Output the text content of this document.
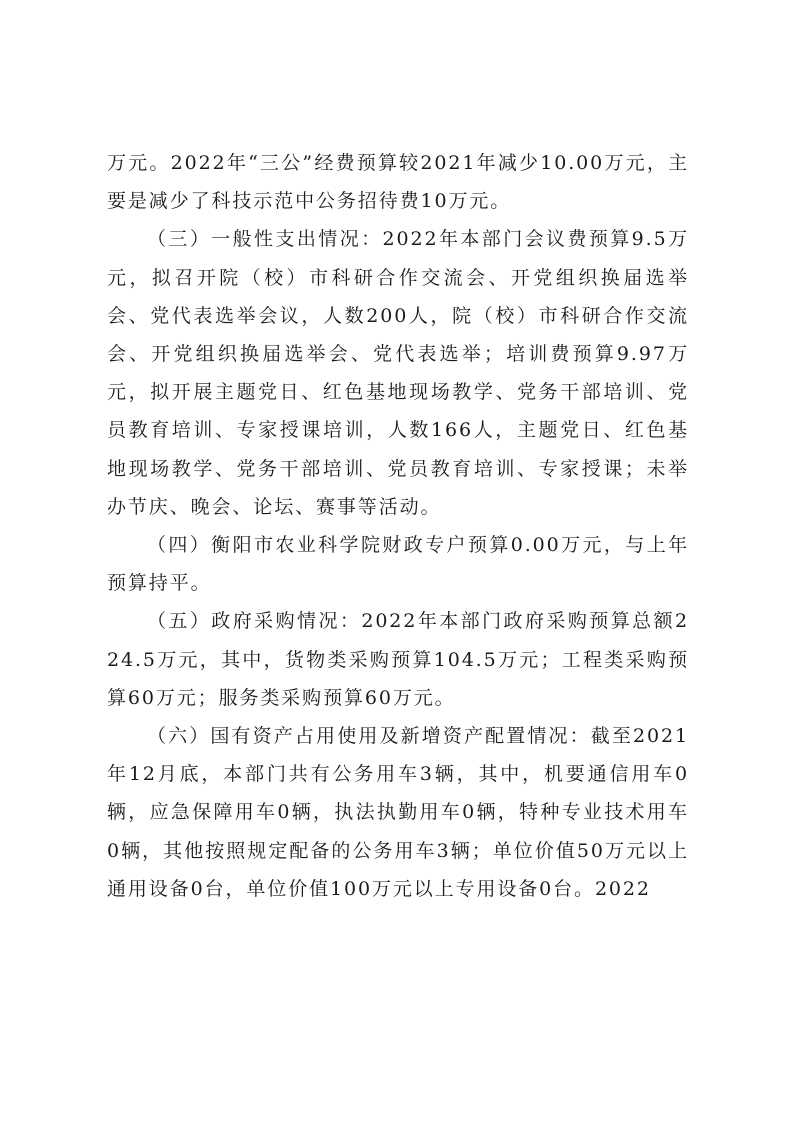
万元。2022年“三公”经费预算较2021年减少10.00万元，主要是减少了科技示范中公务招待费10万元。

（三）一般性支出情况：2022年本部门会议费预算9.5万元，拟召开院（校）市科研合作交流会、开党组织换届选举会、党代表选举会议，人数200人，院（校）市科研合作交流会、开党组织换届选举会、党代表选举；培训费预算9.97万元，拟开展主题党日、红色基地现场教学、党务干部培训、党员教育培训、专家授课培训，人数166人，主题党日、红色基地现场教学、党务干部培训、党员教育培训、专家授课；未举办节庆、晚会、论坛、赛事等活动。

（四）衡阳市农业科学院财政专户预算0.00万元，与上年预算持平。

（五）政府采购情况：2022年本部门政府采购预算总额224.5万元，其中，货物类采购预算104.5万元；工程类采购预算60万元；服务类采购预算60万元。

（六）国有资产占用使用及新增资产配置情况：截至2021年12月底，本部门共有公务用车3辆，其中，机要通信用车0辆，应急保障用车0辆，执法执勤用车0辆，特种专业技术用车0辆，其他按照规定配备的公务用车3辆；单位价值50万元以上通用设备0台，单位价值100万元以上专用设备0台。2022
